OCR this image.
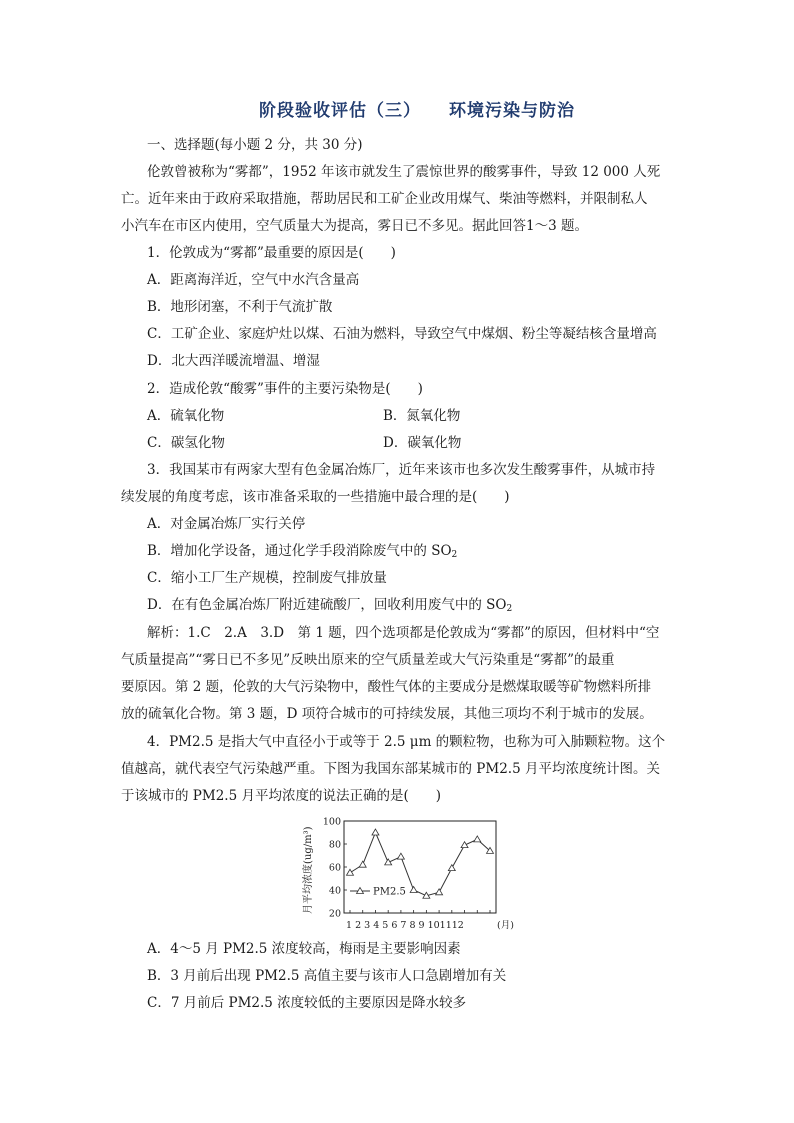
阶段验收评估（三） 环境污染与防治
一、选择题(每小题 2 分，共 30 分)
伦敦曾被称为“雾都”，1952 年该市就发生了震惊世界的酸雾事件，导致 12 000 人死
亡。近年来由于政府采取措施，帮助居民和工矿企业改用煤气、柴油等燃料，并限制私人
小汽车在市区内使用，空气质量大为提高，雾日已不多见。据此回答1～3 题。
1．伦敦成为“雾都”最重要的原因是(　　)
A．距离海洋近，空气中水汽含量高
B．地形闭塞，不利于气流扩散
C．工矿企业、家庭炉灶以煤、石油为燃料，导致空气中煤烟、粉尘等凝结核含量增高
D．北大西洋暖流增温、增湿
2．造成伦敦“酸雾”事件的主要污染物是(　　)
A．硫氧化物	B．氮氧化物
C．碳氢化物	D．碳氧化物
3．我国某市有两家大型有色金属冶炼厂，近年来该市也多次发生酸雾事件，从城市持
续发展的角度考虑，该市准备采取的一些措施中最合理的是(　　)
A．对金属冶炼厂实行关停
B．增加化学设备，通过化学手段消除废气中的 $SO_2$
C．缩小工厂生产规模，控制废气排放量
D．在有色金属冶炼厂附近建硫酸厂，回收利用废气中的 $SO_2$
解析：1.C　2.A　3.D　第 1 题，四个选项都是伦敦成为“雾都”的原因，但材料中“空
气质量提高”“雾日已不多见”反映出原来的空气质量差或大气污染重是“雾都”的最重
要原因。第 2 题，伦敦的大气污染物中，酸性气体的主要成分是燃煤取暖等矿物燃料所排
放的硫氧化合物。第 3 题，D 项符合城市的可持续发展，其他三项均不利于城市的发展。
4．PM2.5 是指大气中直径小于或等于 2.5 μm 的颗粒物，也称为可入肺颗粒物。这个
值越高，就代表空气污染越严重。下图为我国东部某城市的 PM2.5 月平均浓度统计图。关
于该城市的 PM2.5 月平均浓度的说法正确的是(　　)
月平均浓度(ug/m³) 20
40
60
80
100
PM2.5
1 2 3 4 5 6 7 8 9 101112	(月)
A．4～5 月 PM2.5 浓度较高，梅雨是主要影响因素
B．3 月前后出现 PM2.5 高值主要与该市人口急剧增加有关
C．7 月前后 PM2.5 浓度较低的主要原因是降水较多
